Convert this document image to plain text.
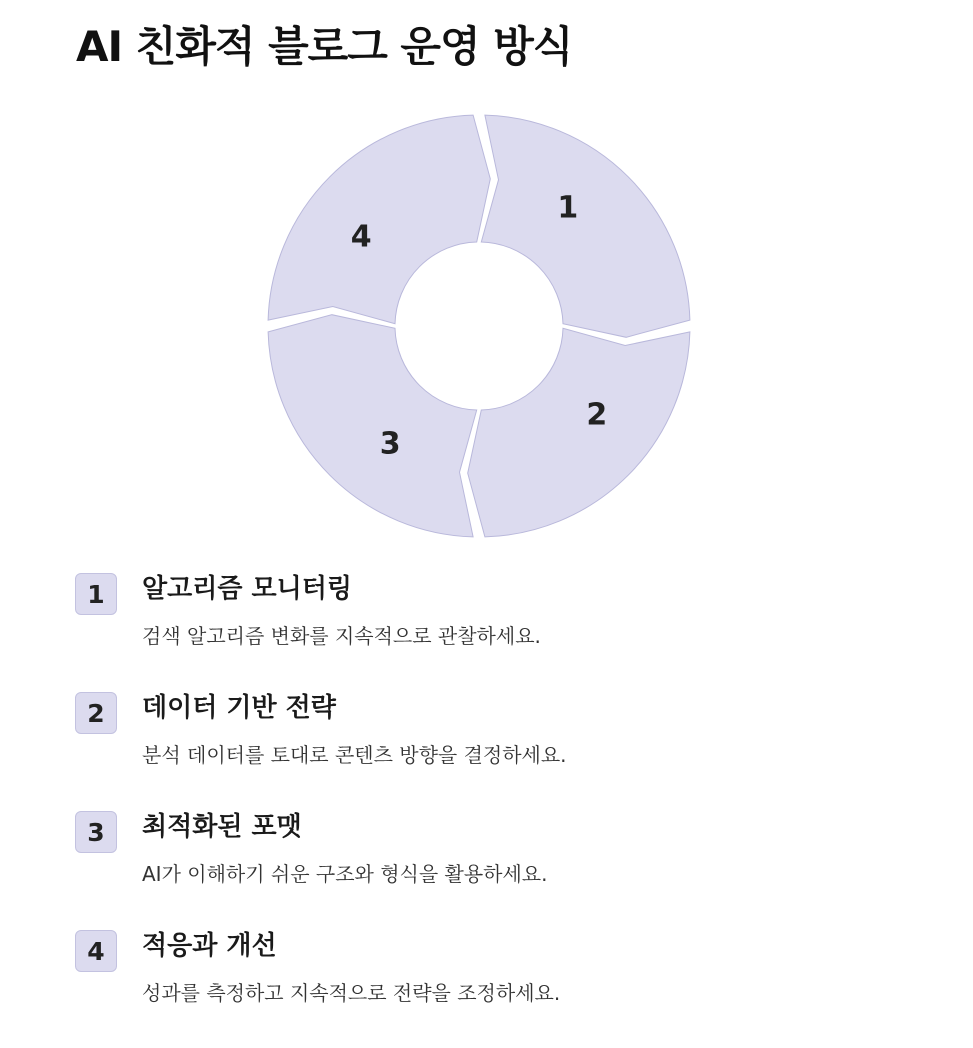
AI 친화적 블로그 운영 방식
1
2
3
4
1	알고리즘 모니터링

검색 알고리즘 변화를 지속적으로 관찰하세요.

2	데이터 기반 전략

분석 데이터를 토대로 콘텐츠 방향을 결정하세요.

3	최적화된 포맷

AI가 이해하기 쉬운 구조와 형식을 활용하세요.

4	적응과 개선

성과를 측정하고 지속적으로 전략을 조정하세요.
